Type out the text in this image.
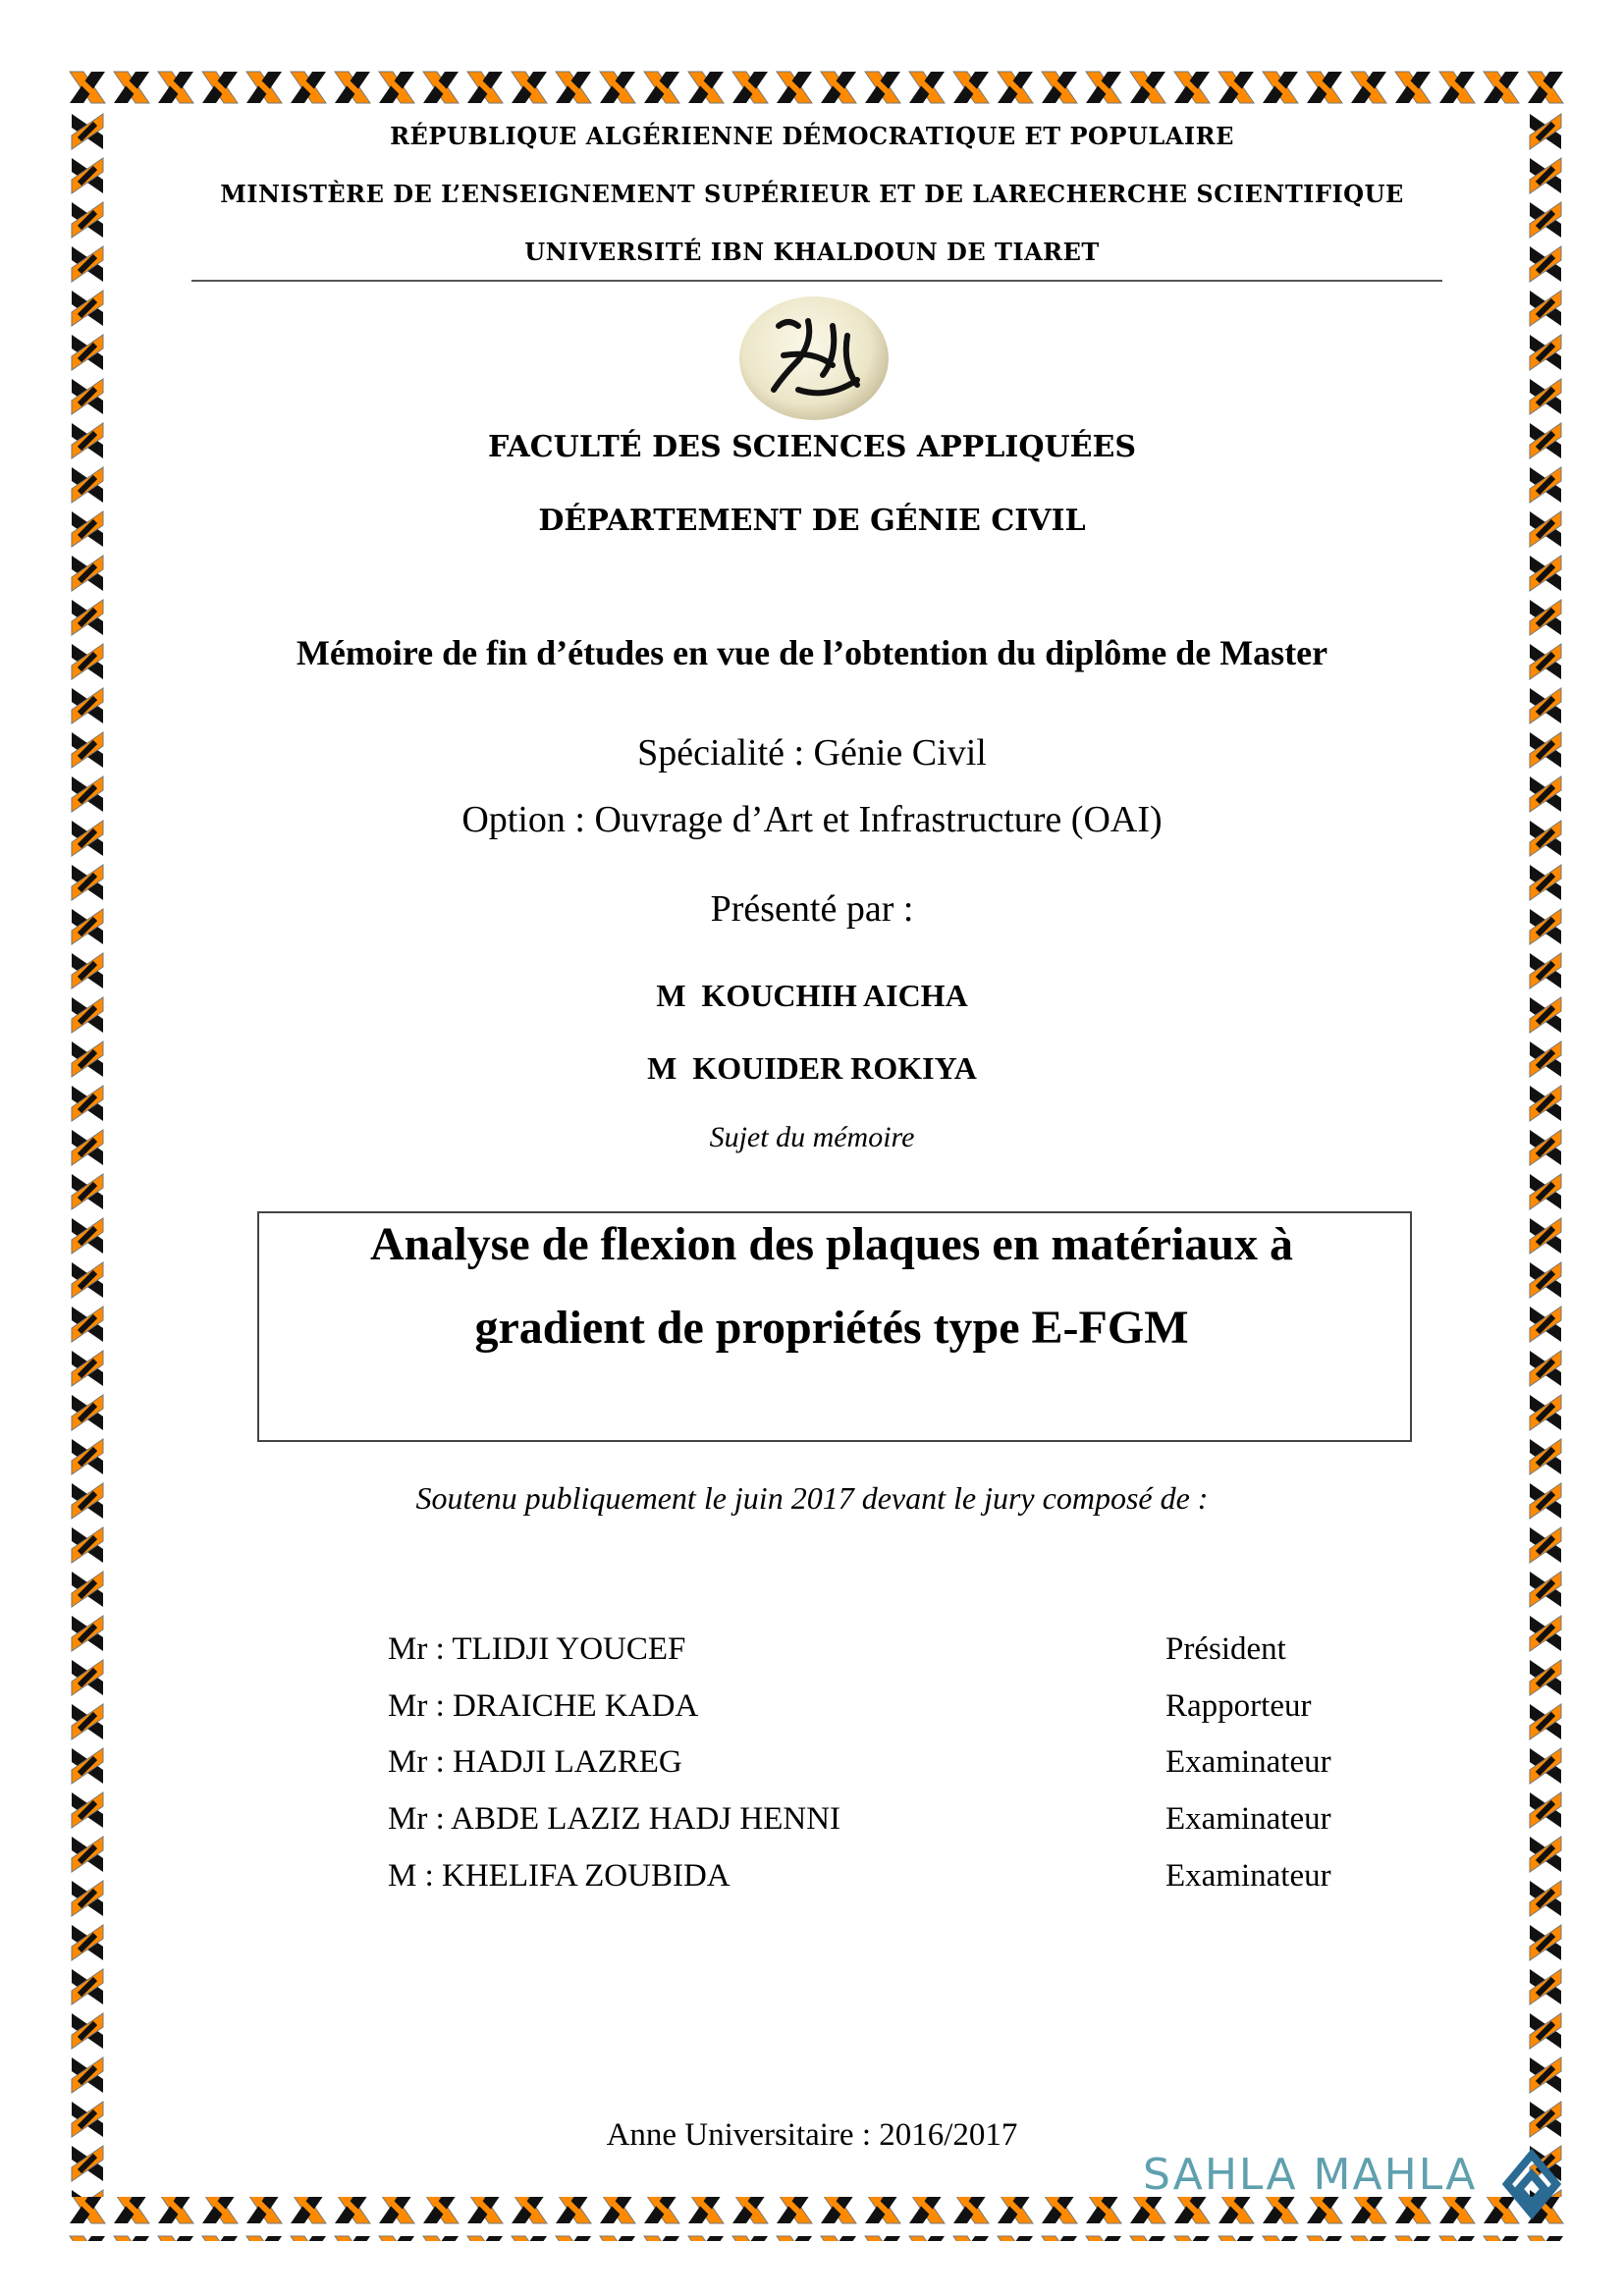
RÉPUBLIQUE ALGÉRIENNE DÉMOCRATIQUE ET POPULAIRE
MINISTÈRE DE L’ENSEIGNEMENT SUPÉRIEUR ET DE LARECHERCHE SCIENTIFIQUE
UNIVERSITÉ IBN KHALDOUN DE TIARET
FACULTÉ DES SCIENCES APPLIQUÉES
DÉPARTEMENT DE GÉNIE CIVIL
Mémoire de fin d’études en vue de l’obtention du diplôme de Master
Spécialité : Génie Civil
Option : Ouvrage d’Art et Infrastructure (OAI)
Présenté par :
M  KOUCHIH AICHA
M  KOUIDER ROKIYA
Sujet du mémoire
Analyse de flexion des plaques en matériaux à
gradient de propriétés type E-FGM
Soutenu publiquement le juin 2017 devant le jury composé de :
Mr : TLIDJI YOUCEF	Président
Mr : DRAICHE KADA	Rapporteur
Mr : HADJI LAZREG	Examinateur
Mr : ABDE LAZIZ HADJ HENNI	Examinateur
M : KHELIFA ZOUBIDA	Examinateur
Anne Universitaire : 2016/2017
SAHLA MAHLA
